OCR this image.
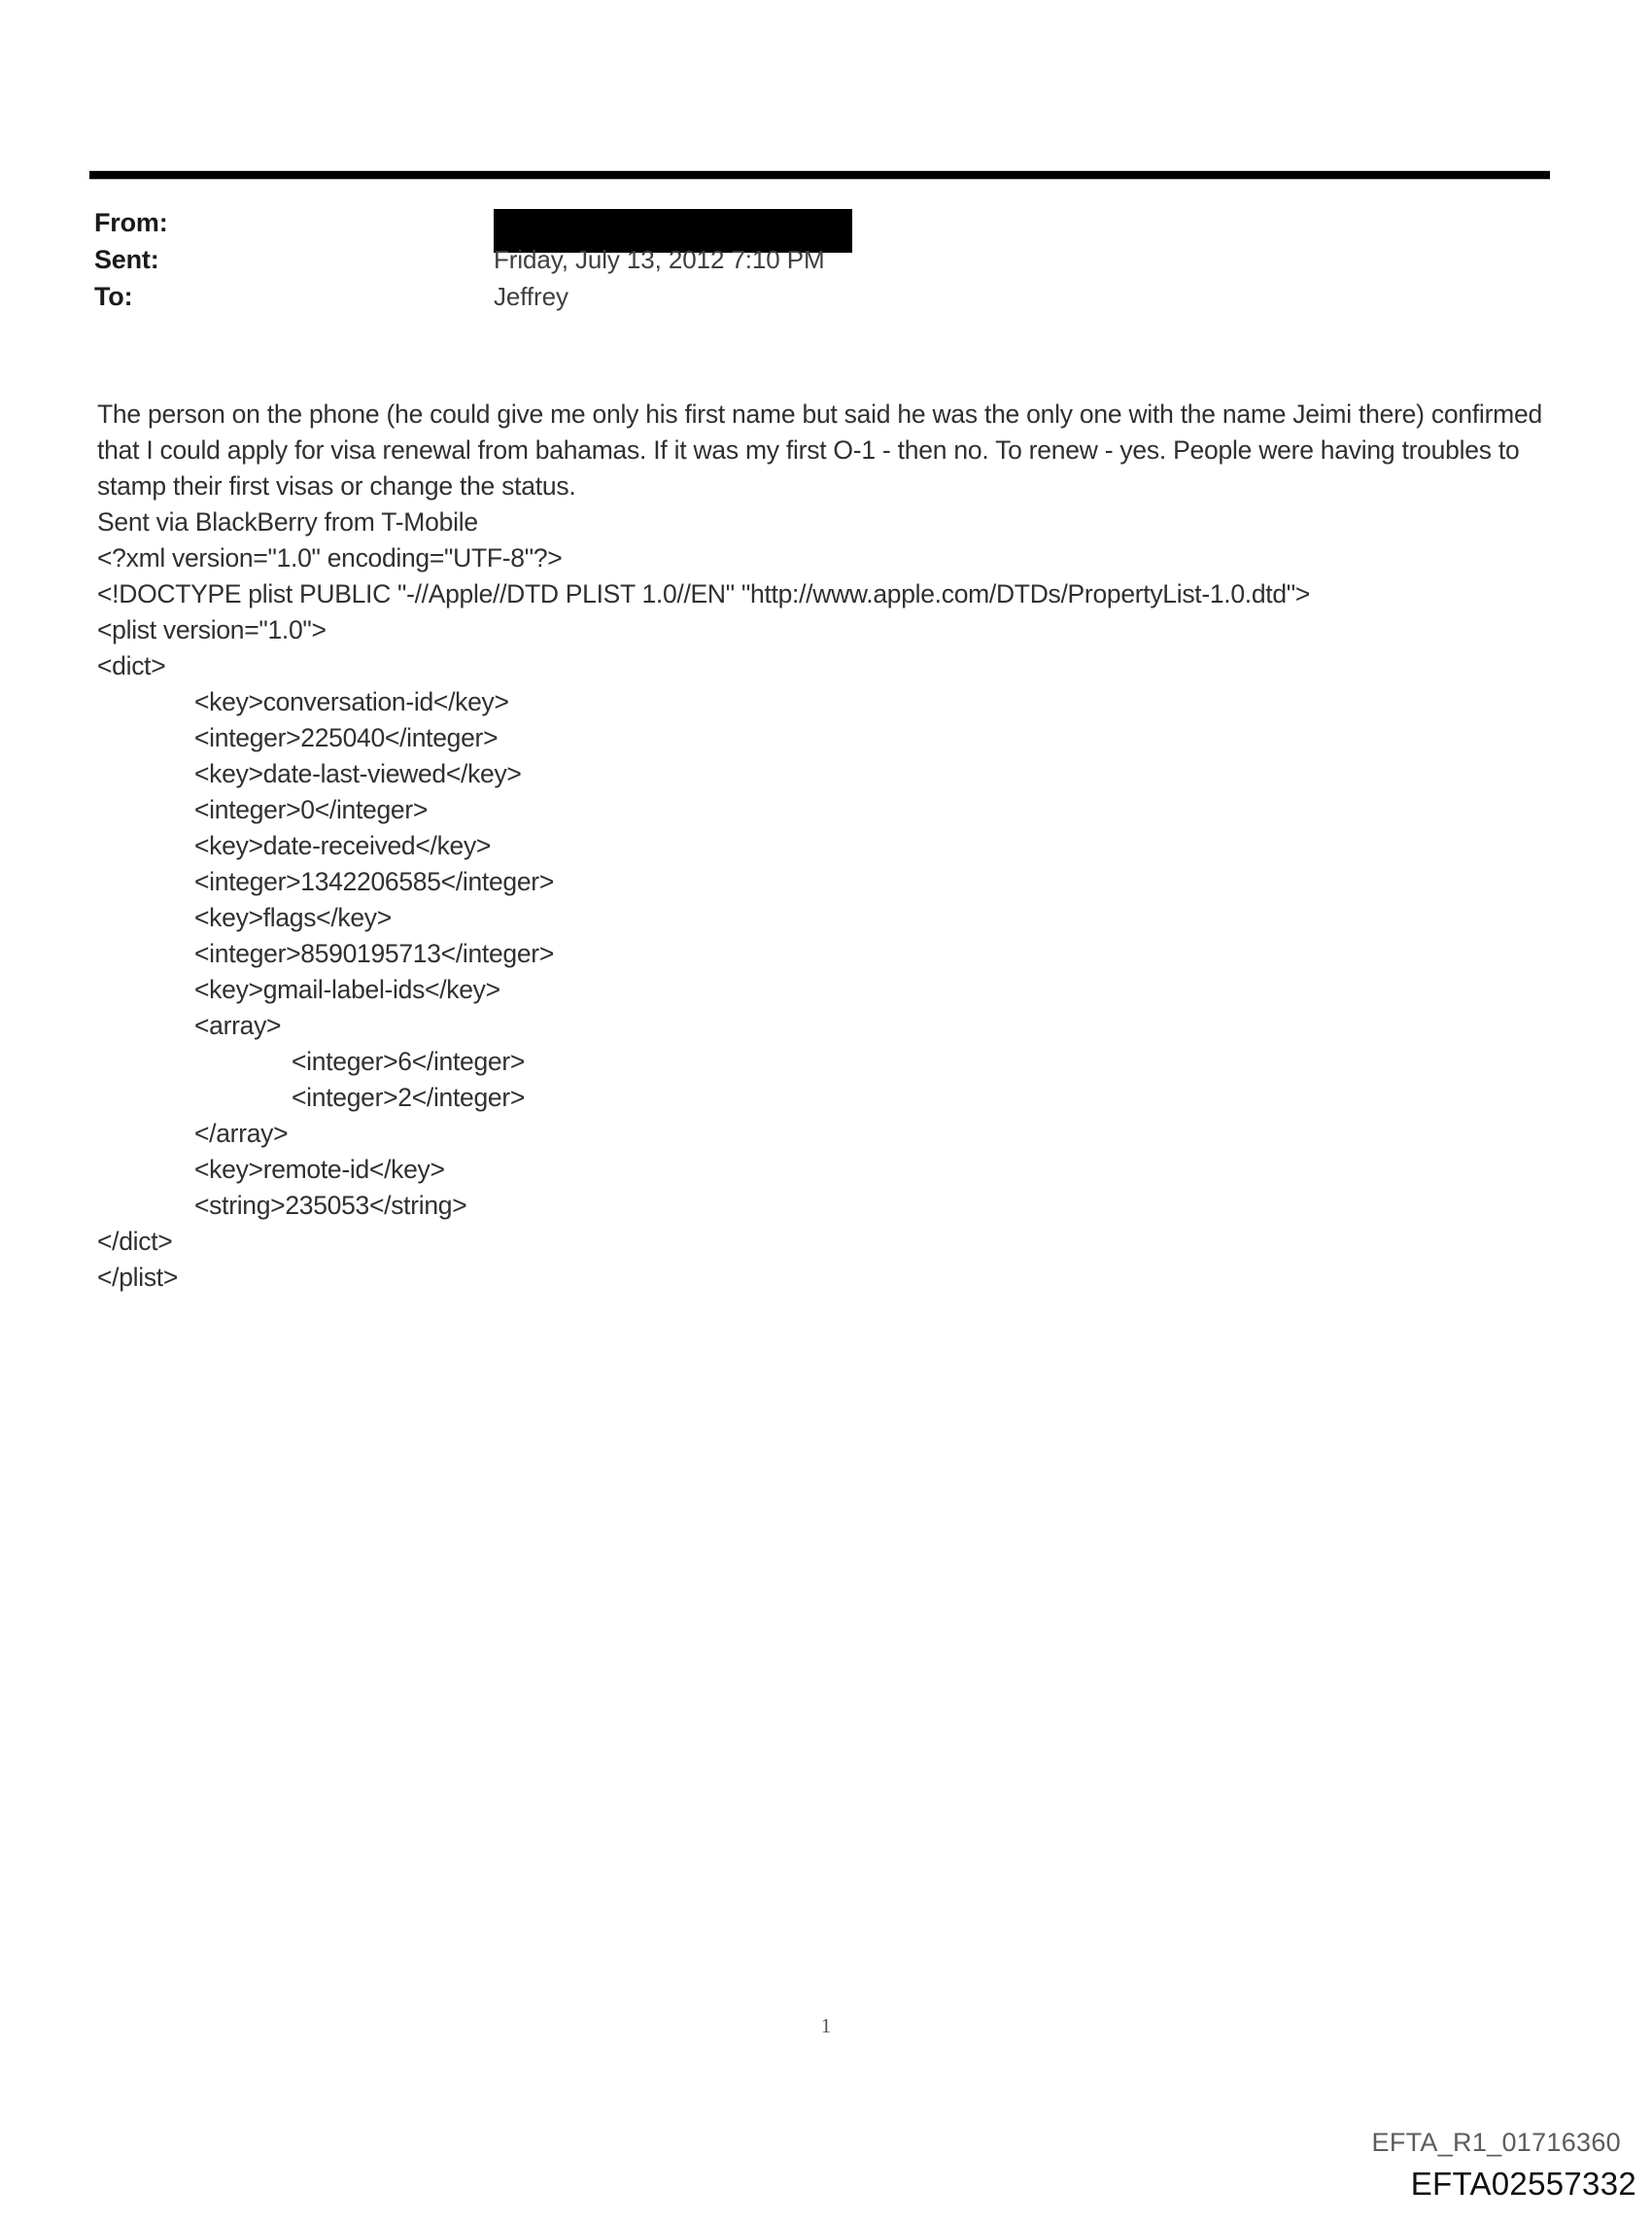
From:
Sent:	Friday, July 13, 2012 7:10 PM
To:	Jeffrey

The person on the phone (he could give me only his first name but said he was the only one with the name Jeimi there) confirmed that I could apply for visa renewal from bahamas. If it was my first O-1 - then no. To renew - yes. People were having troubles to stamp their first visas or change the status.

Sent via BlackBerry from T-Mobile
<?xml version="1.0" encoding="UTF-8"?>
<!DOCTYPE plist PUBLIC "-//Apple//DTD PLIST 1.0//EN" "http://www.apple.com/DTDs/PropertyList-1.0.dtd">
<plist version="1.0">
<dict>
<key>conversation-id</key>
<integer>225040</integer>
<key>date-last-viewed</key>
<integer>0</integer>
<key>date-received</key>
<integer>1342206585</integer>
<key>flags</key>
<integer>8590195713</integer>
<key>gmail-label-ids</key>
<array>
<integer>6</integer>
<integer>2</integer>
</array>
<key>remote-id</key>
<string>235053</string>
</dict>
</plist>
1
EFTA_R1_01716360
EFTA02557332
